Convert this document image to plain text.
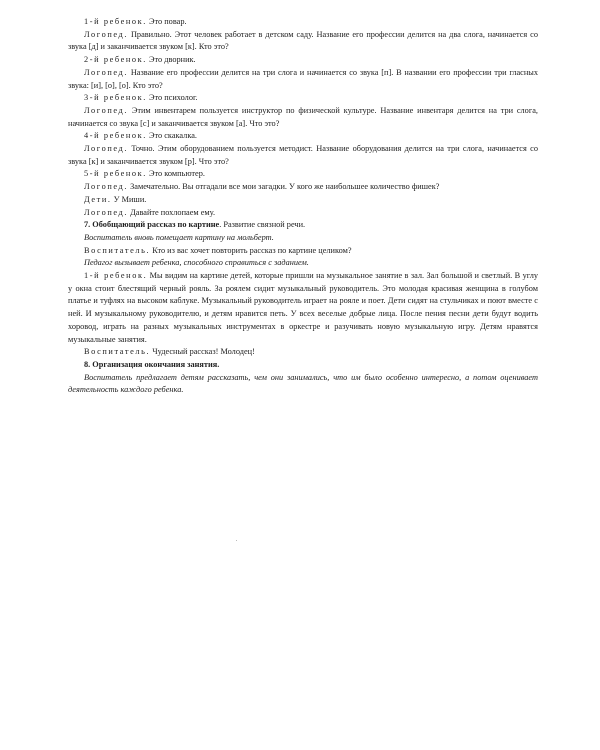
1-й ребенок. Это повар.

Логопед. Правильно. Этот человек работает в детском саду. Название его профессии делится на два слога, начинается со звука [д] и заканчивается звуком [к]. Кто это?

2-й ребенок. Это дворник.

Логопед. Название его профессии делится на три слога и начинается со звука [п]. В названии его профессии три гласных звука: [и], [о], [о]. Кто это?

3-й ребенок. Это психолог.

Логопед. Этим инвентарем пользуется инструктор по физической культуре. Название инвентаря делится на три слога, начинается со звука [с] и заканчивается звуком [а]. Что это?

4-й ребенок. Это скакалка.

Логопед. Точно. Этим оборудованием пользуется методист. Название оборудования делится на три слога, начинается со звука [к] и заканчивается звуком [р]. Что это?

5-й ребенок. Это компьютер.

Логопед. Замечательно. Вы отгадали все мои загадки. У кого же наибольшее количество фишек?

Дети. У Миши.

Логопед. Давайте похлопаем ему.

7. Обобщающий рассказ по картине. Развитие связной речи.

Воспитатель вновь помещает картину на мольберт.

Воспитатель. Кто из вас хочет повторить рассказ по картине целиком?

Педагог вызывает ребенка, способного справиться с заданием.

1-й ребенок. Мы видим на картине детей, которые пришли на музыкальное занятие в зал. Зал большой и светлый. В углу у окна стоит блестящий черный рояль. За роялем сидит музыкальный руководитель. Это молодая красивая женщина в голубом платье и туфлях на высоком каблуке. Музыкальный руководитель играет на рояле и поет. Дети сидят на стульчиках и поют вместе с ней. И музыкальному руководителю, и детям нравится петь. У всех веселые добрые лица. После пения песни дети будут водить хоровод, играть на разных музыкальных инструментах в оркестре и разучивать новую музыкальную игру. Детям нравятся музыкальные занятия.

Воспитатель. Чудесный рассказ! Молодец!

8. Организация окончания занятия.

Воспитатель предлагает детям рассказать, чем они занимались, что им было особенно интересно, а потом оценивает деятельность каждого ребенка.
